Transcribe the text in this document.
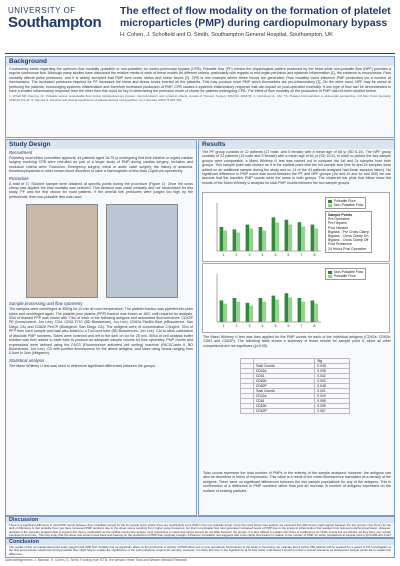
UNIVERSITY OF
Southampton
The effect of flow modality on the formation of platelet microparticles (PMP) during cardiopulmonary bypass
H. Cohen, J. Schofield and D. Smith, Southampton General Hospital, Southampton, UK
Background
Controversy exists regarding the optimum flow modality (pulsatile or non-pulsatile) for cardio-pulmonary bypass (CPB). Pulsatile flow (PF) mimics the physiological pattern produced by the heart while non-pulsatile flow (NPF) provides a regular continuous flow. Although many studies have discussed the relative merits of each of these modes for different criteria, particularly with regards to end-organ perfusion and systemic inflammation [1], the evidence is inconclusive. Flow modality affects pulse pressures, and it is widely accepted that PMP form under stress and shear forces [2]. CPB is one example where these forces are generated. Flow modality could influence PMP production via a number of mechanisms. The increased pressures required for PF increases the shear and stress forces exerted on the platelets. This may produce more PMP which themselves are pro-inflammatory [3]. On the other hand, NPF may be worse at perfusing the patients, encouraging systemic inflammation and therefore increased production of PMP. CPB causes a systemic inflammatory response that can impact on post-operative morbidity. If one type of flow can be demonstrated to have a smaller inflammatory response than the other then this could be key in determining the perfusion mode of choice for patients undergoing CPB. The effect of flow modality on the production of PMP has not been studied before.
1. O'Neil MP, Fleming JC. Pulsatile versus nonpulsatile flow during cardiopulmonary bypass: microcirculatory and systemic effects. Annals of Thoracic Surgery 2012;94: 2046-53. 2. Horstman LL, Ahn YS. Platelet microparticles: a wide-angle perspective. Crit Rev Oncol Hematol. 1999;30:111-42. 3. Nomura S. Function and clinical significance of platelet-derived microparticles. Int J Hematol. 2001;74:397-404.
Study Design
Recruitment
Following local ethics committee approval, 44 patients aged 18-75 yr undergoing first time elective or urgent cardiac surgery involving CPB were recruited as part of a larger study of PMP during cardiac surgery. Inclusion and exclusion criteria were: Exclusion: Emergency surgery, mitral or aortic valve surgery, the history of anaemia, thrombocytopaenia or other known blood disorders or have a haemoglobin of less than 12g/dl pre-operatively.
Procedure
A total of 17 Stockert sample were obtained at specific points during the procedure (Figure 1). Once the cross clamp was applied the flow modality was selected. This decision was made clinically and not randomised for this study. PF was the first choice for most patients. If the arterial line pressures were judged too high by the perfusionist, then non-pulsatile flow was used.
Sample processing and flow cytometry
The samples were centrifuged at 3500g for 10 min at room temperature. The platelet fraction was pipetted into plain tubes and centrifuged again. The platelet poor plasma (PPP) fraction was frozen at -80C until required for analysis. 30ul of thawed PPP was mixed with 7.5ul of each of the following antigens and associated fluorochromes: CD42P PE (Immunotech, Joc Lee), CD4, CD61 FITC (BD Biosciences, Jon Lee), CD62a PacBlu Blue (eBioscience, San Diego CA) and CD62b PerCP (Biolegend, San Diego CA). The antigens were of concentration 2.5ug/ml. 20ul of PFP from each sample pool was also added to a TruCount tube (BD Biosciences, Jon Lee). CAl to allow calculation of absolute PMP numbers. Tubes were vortexed and left in the dark on ice for 25 min. 500ul of cell analysis buffer solution was then added to each tube to produce an adequate sample volume for flow cytometry. PMP counts and expressions were defined using the FACS (Fluorescence activated cell sorting) machine (FACSCanto II, BD Biosciences, Jon Lee). CD with positive fluorescence for the above antigens, and sized using beads ranging from 0.5um to 3um (Megamix).
Statistical analysis
The Mann Whitney U test was used to determine significant differences between the groups.
Results
The PF group consists of 22 patients (17 male, and 5 female) with a mean age of 68 yr (SD 6.10). The NPF group consists of 22 patients (15 male and 5 female) with a mean age of 61 yr (SD 10.5). In order to picture the two sample groups were comparable, a Mann Whitney U test was carried out to compare the 1st and 2x samples from both groups. This sample point was chosen as it is the earliest point with the full sample size (the 6x and 2x samples were added on an additional sample during the study and so 14 of the 44 patients analysed had those samples taken). No significant difference in PMP count was found between the PF and NPF groups (1st and 2x and 6x and 400) we can assume that the baseline PMP counts were the same in both groups. The clustered bar plots that follow show the results of the Mann Whitney U analysis for total PMP counts between the two sample groups.
1	2	3	4	5	6	7	8
Pulsatile Flow
Non-Pulsatile Flow
Sample Points
Pre Operative
Pre Heparin
Post Heparin
Bypass - Pre Cross Clamp
Bypass - Cross Clamp On
Bypass - Cross Clamp Off
Post Protamine
24 Hours Post Operative
1	2	3	4	5	6	7	8
Non-Pulsatile Flow
Pulsatile Flow
The Mann Whitney U test was then applied for the PMP counts for each of the individual antigens (CD42a, CD62b, CD61 and CD62P). The following table shows a summary of those results for sample point 5, since all other comparisons are not significant (p>0.05).
		Sig.
	Total Counts	0.035
	CD42a	0.038
	CD61	0.042
	CD62b	0.002
	CD62P	0.048
	Total Counts	0.021
	CD42a	0.019
	CD61	0.085
	CD62b	0.039
	CD62P	0.067
Total counts represent the total number of PMPs in the entirety of the sample analysed; however, the antigens can also be described in terms of expression. This value is a result of the mean fluorescence translated as a density of the antigens. There were no significant differences between the two sample populations for any of the antigens. This is confirmation of a difference in PMP numbers rather than just an increase in number of antigens expressed on the surface of existing particles.
Discussion
There is a significant difference in total PMP counts between flow modalities except for the 6x sample point, where there are significantly more PMP in the non-pulsatile group. Once the cross clamp was applied, we expected that differences might appear between the two groups. One theory for the lack of difference is that pulsatile flow may have increased PMP numbers due to the shear stress resulting from higher pulse pressures, but that non-pulsatile flow also generated increased levels of PMP due to the systemic inflammation that resulted from reduced peripheral perfusion. However, analysis of the separate antigens fails to support this theory, particularly as the CD42a counts (the antigen most responsive to shear and stress forces) do not differ between the groups. It is also difficult to explain why there is a difference for CD61 counts but not CD41a, as they have very similar interactions and roles. This may imply that the shear and stress forces have less bearing on the production of PMP than originally thought. A Pearson correlation test suggests that cross clamp time bears no relation to the number of PMP, for either populations at sample point 6 (p=0.596 and 0.447
Conclusion
The results of this non-randomised pilot study suggest that CPB flow modality has no significant effect on the production or activity of PMP either peri or post operatively. Recruitment to the study is continuing; we estimate that a further 250 patients will be required for a power of 0.8. Investigation of the flow and pressure waveforms during pulsatile flow might help to explain the significance of the post-protamine enigma (6x sample). However, it is likely that even if the significance at 6x was better understood it would not have a clinical relevance as subsequent sample points fail to sustain this difference.
Acknowledgements: J. Marston, H. Cohen, D. Smith. Funding from NTTs, the Wessex Heart Trust and Wessex Medical Research.
